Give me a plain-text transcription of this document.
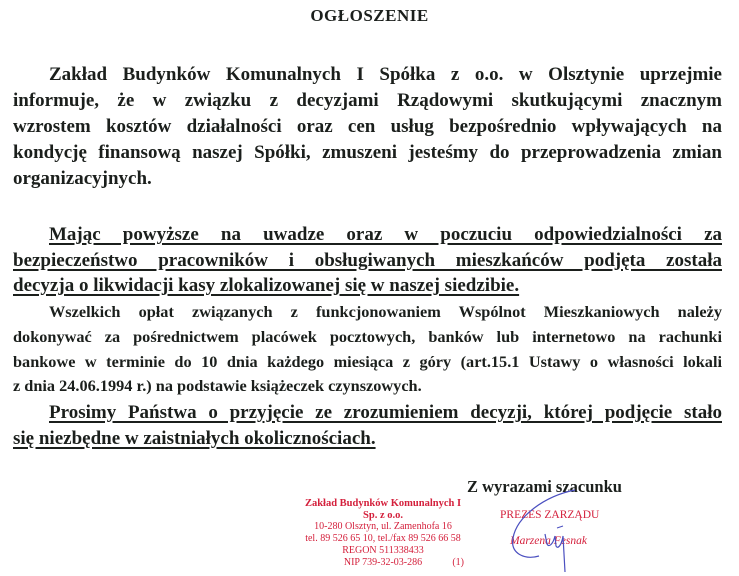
OGŁOSZENIE
Zakład Budynków Komunalnych I Spółka z o.o. w Olsztynie uprzejmie
informuje, że w związku z decyzjami Rządowymi skutkującymi znacznym
wzrostem kosztów działalności oraz cen usług bezpośrednio wpływających na
kondycję finansową naszej Spółki, zmuszeni jesteśmy do przeprowadzenia zmian
organizacyjnych.
Mając powyższe na uwadze oraz w poczuciu odpowiedzialności za
bezpieczeństwo pracowników i obsługiwanych mieszkańców podjęta została
decyzja o likwidacji kasy zlokalizowanej się w naszej siedzibie.
Wszelkich opłat związanych z funkcjonowaniem Wspólnot Mieszkaniowych należy
dokonywać za pośrednictwem placówek pocztowych, banków lub internetowo na rachunki
bankowe w terminie do 10 dnia każdego miesiąca z góry (art.15.1 Ustawy o własności lokali
z dnia 24.06.1994 r.) na podstawie książeczek czynszowych.
Prosimy Państwa o przyjęcie ze zrozumieniem decyzji, której podjęcie stało
się niezbędne w zaistniałych okolicznościach.
Z wyrazami szacunku
Zakład Budynków Komunalnych I
Sp. z o.o.
10-280 Olsztyn, ul. Zamenhofa 16
tel. 89 526 65 10, tel./fax 89 526 66 58
REGON 511338433
NIP 739-32-03-286	(1)
PREZES ZARZĄDU
Marzena Fesnak
